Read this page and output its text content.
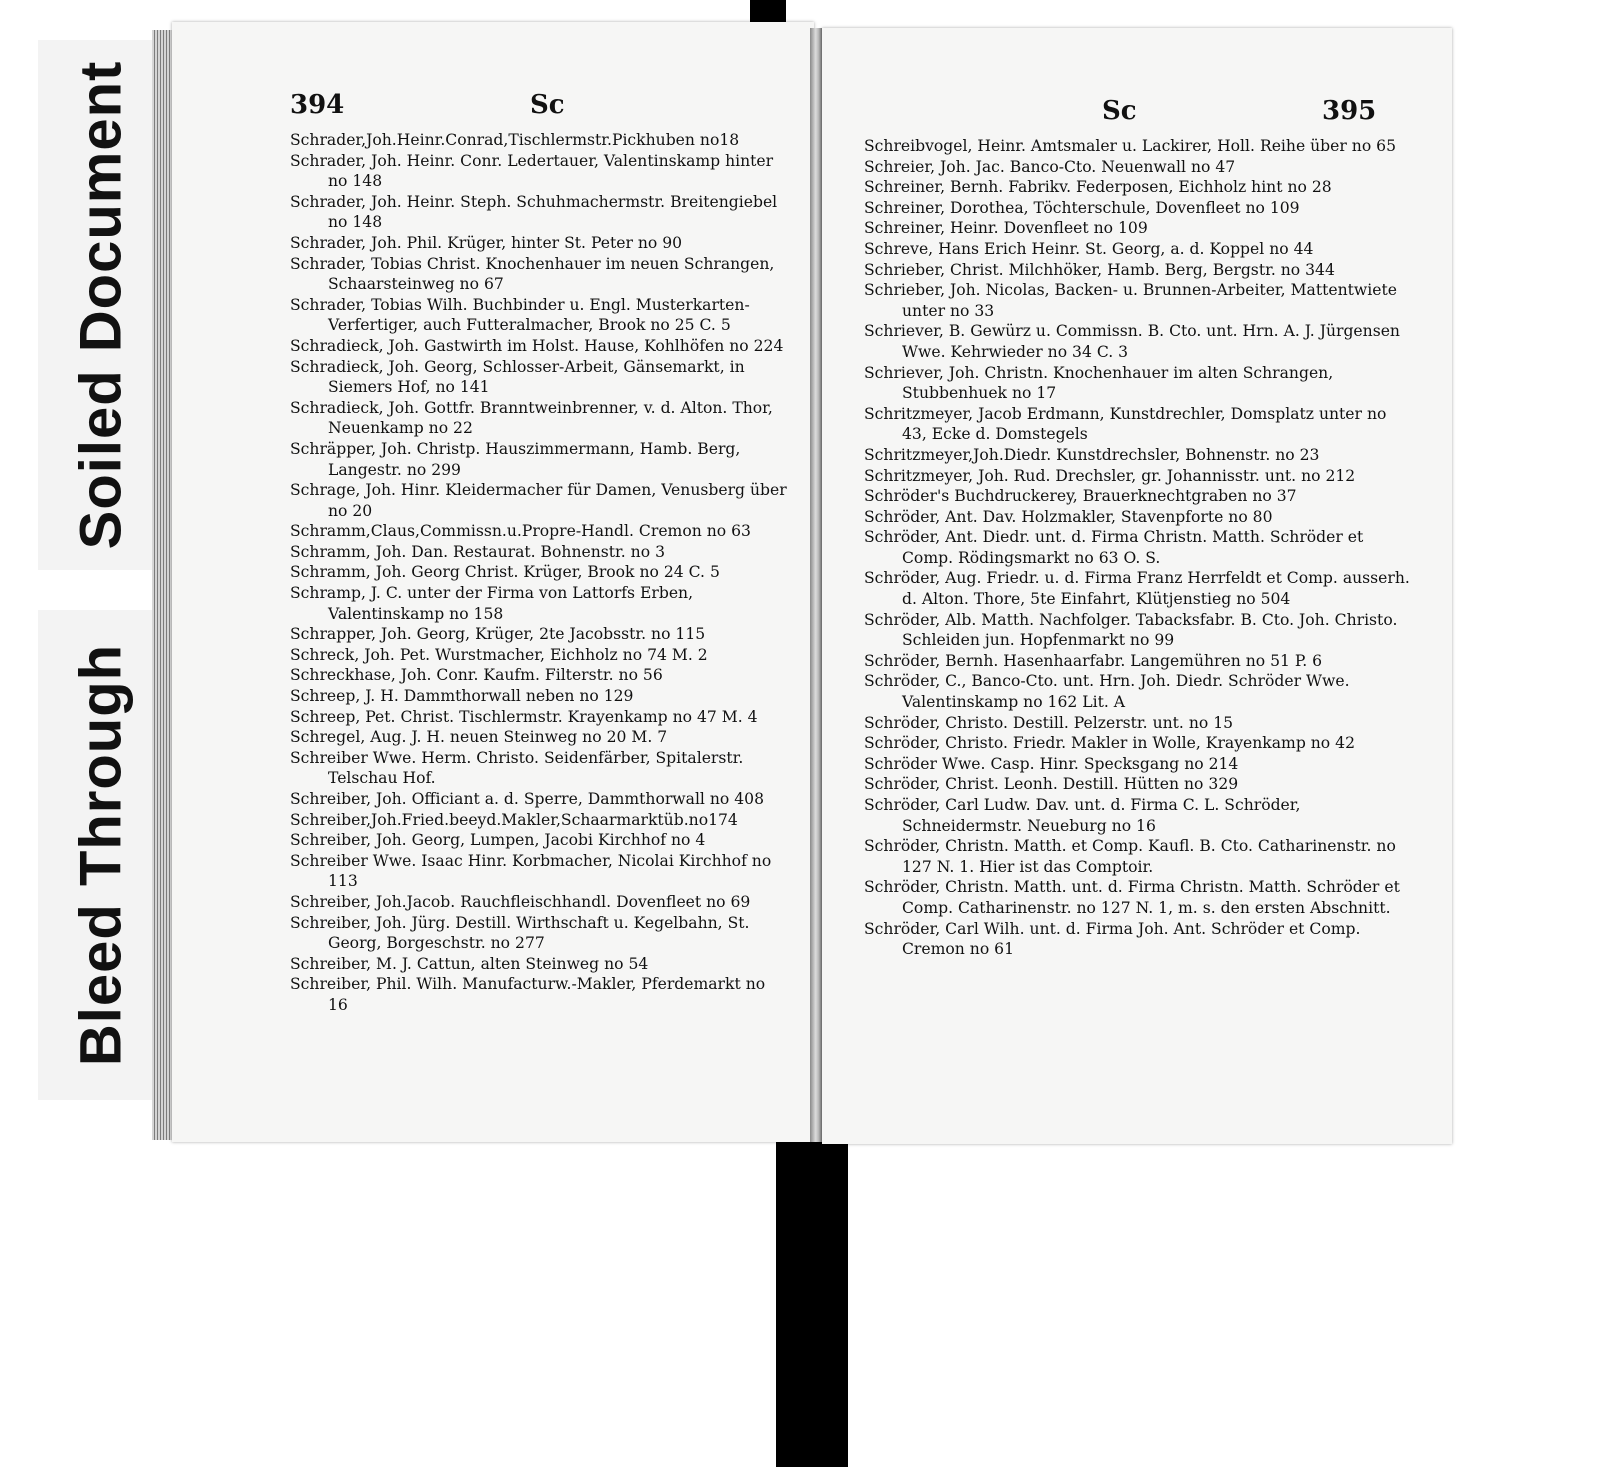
Soiled Document
Bleed Through
394	Sc
Schrader,Joh.Heinr.Conrad,Tischlermstr.Pickhuben no18
Schrader, Joh. Heinr. Conr. Ledertauer, Valentinskamp hinter no 148
Schrader, Joh. Heinr. Steph. Schuhmachermstr. Breitengiebel no 148
Schrader, Joh. Phil. Krüger, hinter St. Peter no 90
Schrader, Tobias Christ. Knochenhauer im neuen Schrangen, Schaarsteinweg no 67
Schrader, Tobias Wilh. Buchbinder u. Engl. Musterkarten-Verfertiger, auch Futteralmacher, Brook no 25 C. 5
Schradieck, Joh. Gastwirth im Holst. Hause, Kohlhöfen no 224
Schradieck, Joh. Georg, Schlosser-Arbeit, Gänsemarkt, in Siemers Hof, no 141
Schradieck, Joh. Gottfr. Branntweinbrenner, v. d. Alton. Thor, Neuenkamp no 22
Schräpper, Joh. Christp. Hauszimmermann, Hamb. Berg, Langestr. no 299
Schrage, Joh. Hinr. Kleidermacher für Damen, Venusberg über no 20
Schramm,Claus,Commissn.u.Propre-Handl. Cremon no 63
Schramm, Joh. Dan. Restaurat. Bohnenstr. no 3
Schramm, Joh. Georg Christ. Krüger, Brook no 24 C. 5
Schramp, J. C. unter der Firma von Lattorfs Erben, Valentinskamp no 158
Schrapper, Joh. Georg, Krüger, 2te Jacobsstr. no 115
Schreck, Joh. Pet. Wurstmacher, Eichholz no 74 M. 2
Schreckhase, Joh. Conr. Kaufm. Filterstr. no 56
Schreep, J. H. Dammthorwall neben no 129
Schreep, Pet. Christ. Tischlermstr. Krayenkamp no 47 M. 4
Schregel, Aug. J. H. neuen Steinweg no 20 M. 7
Schreiber Wwe. Herm. Christo. Seidenfärber, Spitalerstr. Telschau Hof.
Schreiber, Joh. Officiant a. d. Sperre, Dammthorwall no 408
Schreiber,Joh.Fried.beeyd.Makler,Schaarmarktüb.no174
Schreiber, Joh. Georg, Lumpen, Jacobi Kirchhof no 4
Schreiber Wwe. Isaac Hinr. Korbmacher, Nicolai Kirchhof no 113
Schreiber, Joh.Jacob. Rauchfleischhandl. Dovenfleet no 69
Schreiber, Joh. Jürg. Destill. Wirthschaft u. Kegelbahn, St. Georg, Borgeschstr. no 277
Schreiber, M. J. Cattun, alten Steinweg no 54
Schreiber, Phil. Wilh. Manufacturw.-Makler, Pferdemarkt no 16
Sc	395
Schreibvogel, Heinr. Amtsmaler u. Lackirer, Holl. Reihe über no 65
Schreier, Joh. Jac. Banco-Cto. Neuenwall no 47
Schreiner, Bernh. Fabrikv. Federposen, Eichholz hint no 28
Schreiner, Dorothea, Töchterschule, Dovenfleet no 109
Schreiner, Heinr. Dovenfleet no 109
Schreve, Hans Erich Heinr. St. Georg, a. d. Koppel no 44
Schrieber, Christ. Milchhöker, Hamb. Berg, Bergstr. no 344
Schrieber, Joh. Nicolas, Backen- u. Brunnen-Arbeiter, Mattentwiete unter no 33
Schriever, B. Gewürz u. Commissn. B. Cto. unt. Hrn. A. J. Jürgensen Wwe. Kehrwieder no 34 C. 3
Schriever, Joh. Christn. Knochenhauer im alten Schrangen, Stubbenhuek no 17
Schritzmeyer, Jacob Erdmann, Kunstdrechler, Domsplatz unter no 43, Ecke d. Domstegels
Schritzmeyer,Joh.Diedr. Kunstdrechsler, Bohnenstr. no 23
Schritzmeyer, Joh. Rud. Drechsler, gr. Johannisstr. unt. no 212
Schröder's Buchdruckerey, Brauerknechtgraben no 37
Schröder, Ant. Dav. Holzmakler, Stavenpforte no 80
Schröder, Ant. Diedr. unt. d. Firma Christn. Matth. Schröder et Comp. Rödingsmarkt no 63 O. S.
Schröder, Aug. Friedr. u. d. Firma Franz Herrfeldt et Comp. ausserh. d. Alton. Thore, 5te Einfahrt, Klütjenstieg no 504
Schröder, Alb. Matth. Nachfolger. Tabacksfabr. B. Cto. Joh. Christo. Schleiden jun. Hopfenmarkt no 99
Schröder, Bernh. Hasenhaarfabr. Langemühren no 51 P. 6
Schröder, C., Banco-Cto. unt. Hrn. Joh. Diedr. Schröder Wwe. Valentinskamp no 162 Lit. A
Schröder, Christo. Destill. Pelzerstr. unt. no 15
Schröder, Christo. Friedr. Makler in Wolle, Krayenkamp no 42
Schröder Wwe. Casp. Hinr. Specksgang no 214
Schröder, Christ. Leonh. Destill. Hütten no 329
Schröder, Carl Ludw. Dav. unt. d. Firma C. L. Schröder, Schneidermstr. Neueburg no 16
Schröder, Christn. Matth. et Comp. Kaufl. B. Cto. Catharinenstr. no 127 N. 1. Hier ist das Comptoir.
Schröder, Christn. Matth. unt. d. Firma Christn. Matth. Schröder et Comp. Catharinenstr. no 127 N. 1, m. s. den ersten Abschnitt.
Schröder, Carl Wilh. unt. d. Firma Joh. Ant. Schröder et Comp. Cremon no 61
